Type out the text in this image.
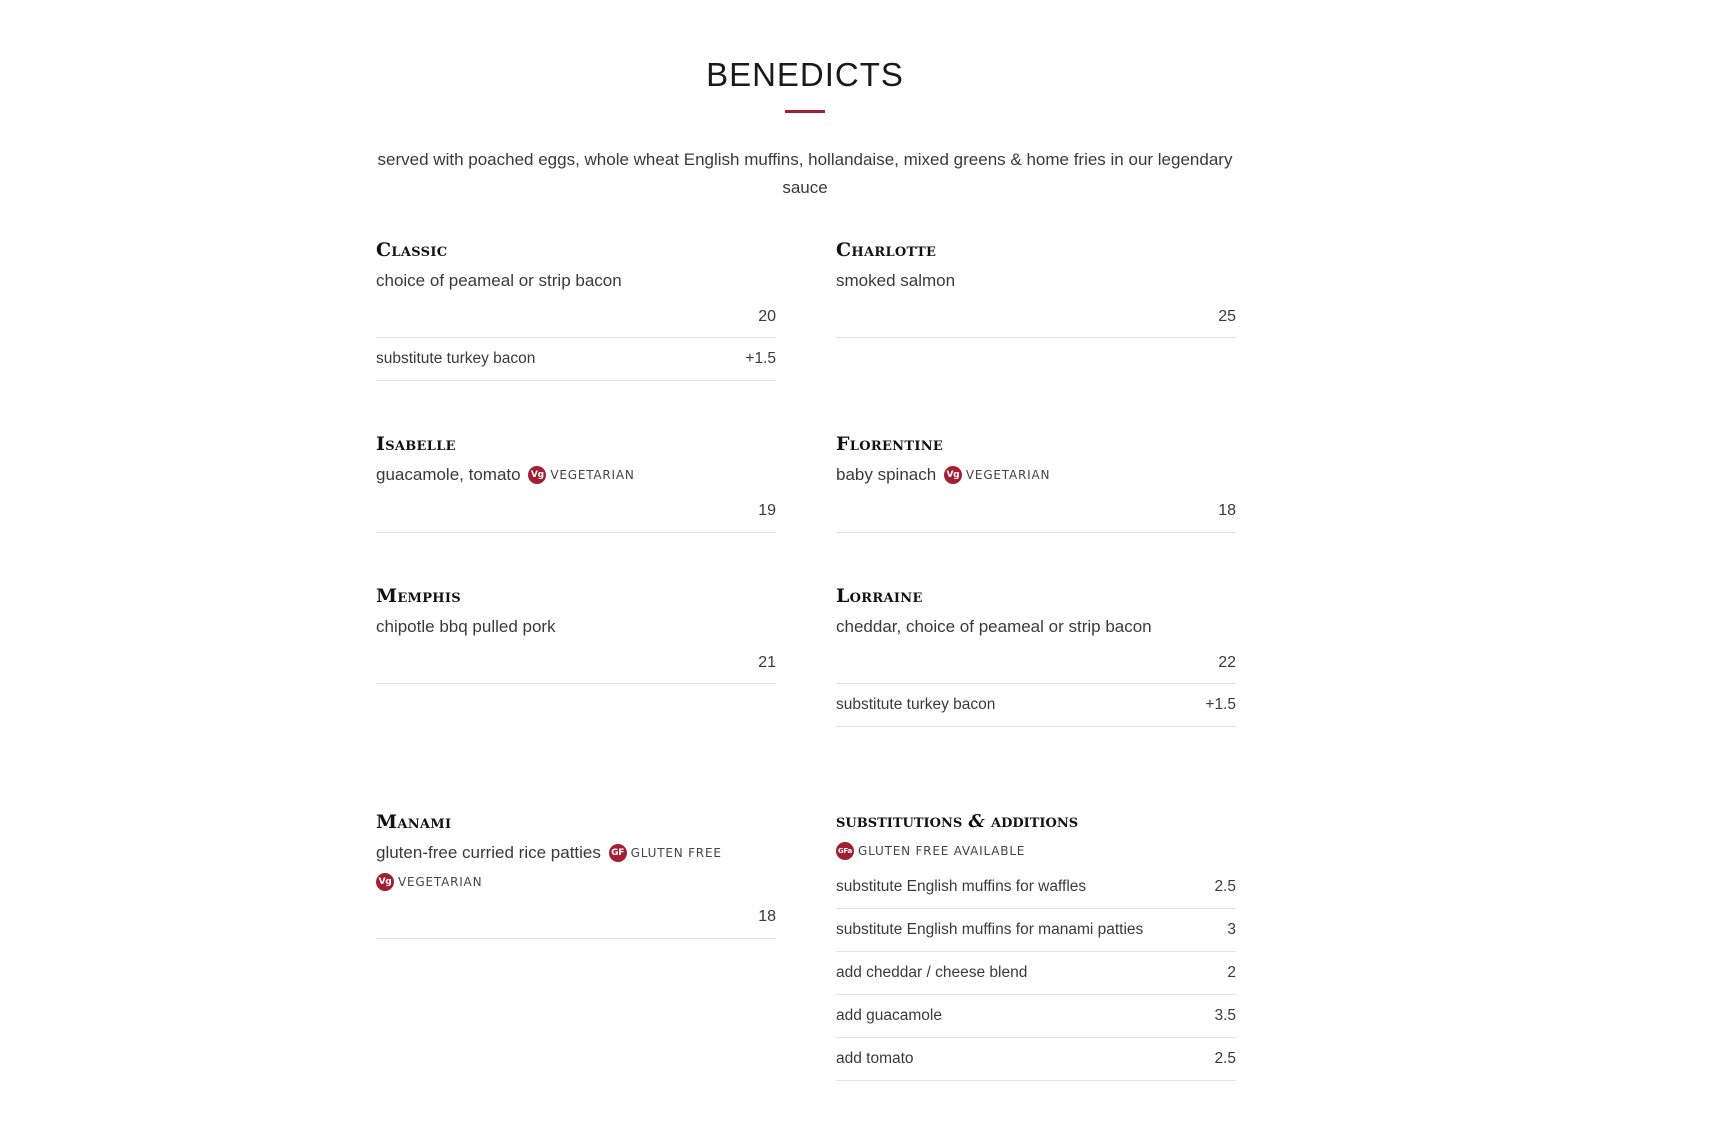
BENEDICTS

served with poached eggs, whole wheat English muffins, hollandaise, mixed greens & home fries in our legendary sauce

Classic
choice of peameal or strip bacon
20
substitute turkey bacon	+1.5
Isabelle
guacamole, tomato Vg VEGETARIAN
19
Memphis
chipotle bbq pulled pork
21
Manami
gluten-free curried rice patties GF GLUTEN FREE
Vg VEGETARIAN
18
Charlotte
smoked salmon
25
Florentine
baby spinach Vg VEGETARIAN
18
Lorraine
cheddar, choice of peameal or strip bacon
22
substitute turkey bacon	+1.5
substitutions & additions
GFa GLUTEN FREE AVAILABLE
substitute English muffins for waffles	2.5
substitute English muffins for manami patties	3
add cheddar / cheese blend	2
add guacamole	3.5
add tomato	2.5
